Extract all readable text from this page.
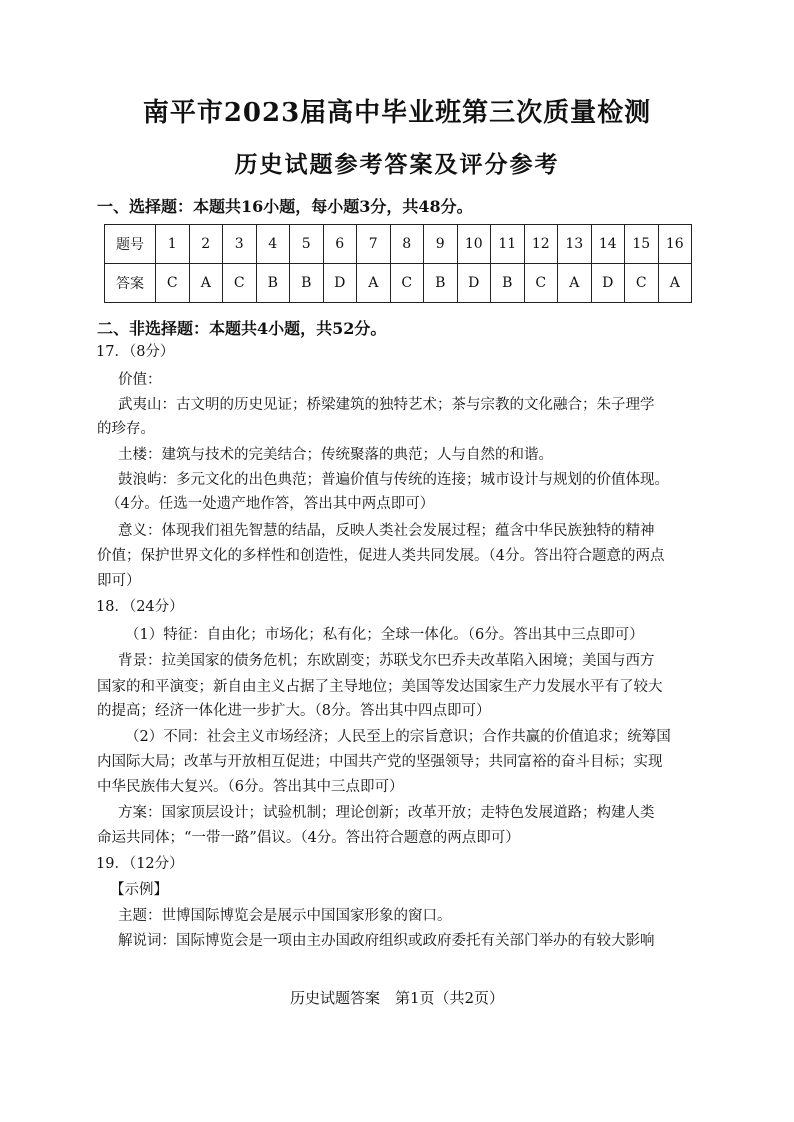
南平市2023届高中毕业班第三次质量检测
历史试题参考答案及评分参考
一、选择题：本题共16小题，每小题3分，共48分。
题号	1	2	3	4	5	6	7	8	9	10	11	12	13	14	15	16
答案	C	A	C	B	B	D	A	C	B	D	B	C	A	D	C	A
二、非选择题：本题共4小题，共52分。
17．（8分）
价值：
武夷山：古文明的历史见证；桥梁建筑的独特艺术；茶与宗教的文化融合；朱子理学
的珍存。
土楼：建筑与技术的完美结合；传统聚落的典范；人与自然的和谐。
鼓浪屿：多元文化的出色典范；普遍价值与传统的连接；城市设计与规划的价值体现。
（4分。任选一处遗产地作答，答出其中两点即可）
意义：体现我们祖先智慧的结晶，反映人类社会发展过程；蕴含中华民族独特的精神
价值；保护世界文化的多样性和创造性，促进人类共同发展。（4分。答出符合题意的两点
即可）
18．（24分）
（1）特征：自由化；市场化；私有化；全球一体化。（6分。答出其中三点即可）
背景：拉美国家的债务危机；东欧剧变；苏联戈尔巴乔夫改革陷入困境；美国与西方
国家的和平演变；新自由主义占据了主导地位；美国等发达国家生产力发展水平有了较大
的提高；经济一体化进一步扩大。（8分。答出其中四点即可）
（2）不同：社会主义市场经济；人民至上的宗旨意识；合作共赢的价值追求；统筹国
内国际大局；改革与开放相互促进；中国共产党的坚强领导；共同富裕的奋斗目标；实现
中华民族伟大复兴。（6分。答出其中三点即可）
方案：国家顶层设计；试验机制；理论创新；改革开放；走特色发展道路；构建人类
命运共同体；“一带一路”倡议。（4分。答出符合题意的两点即可）
19．（12分）
【示例】
主题：世博国际博览会是展示中国国家形象的窗口。
解说词：国际博览会是一项由主办国政府组织或政府委托有关部门举办的有较大影响
历史试题答案　第1页（共2页）
